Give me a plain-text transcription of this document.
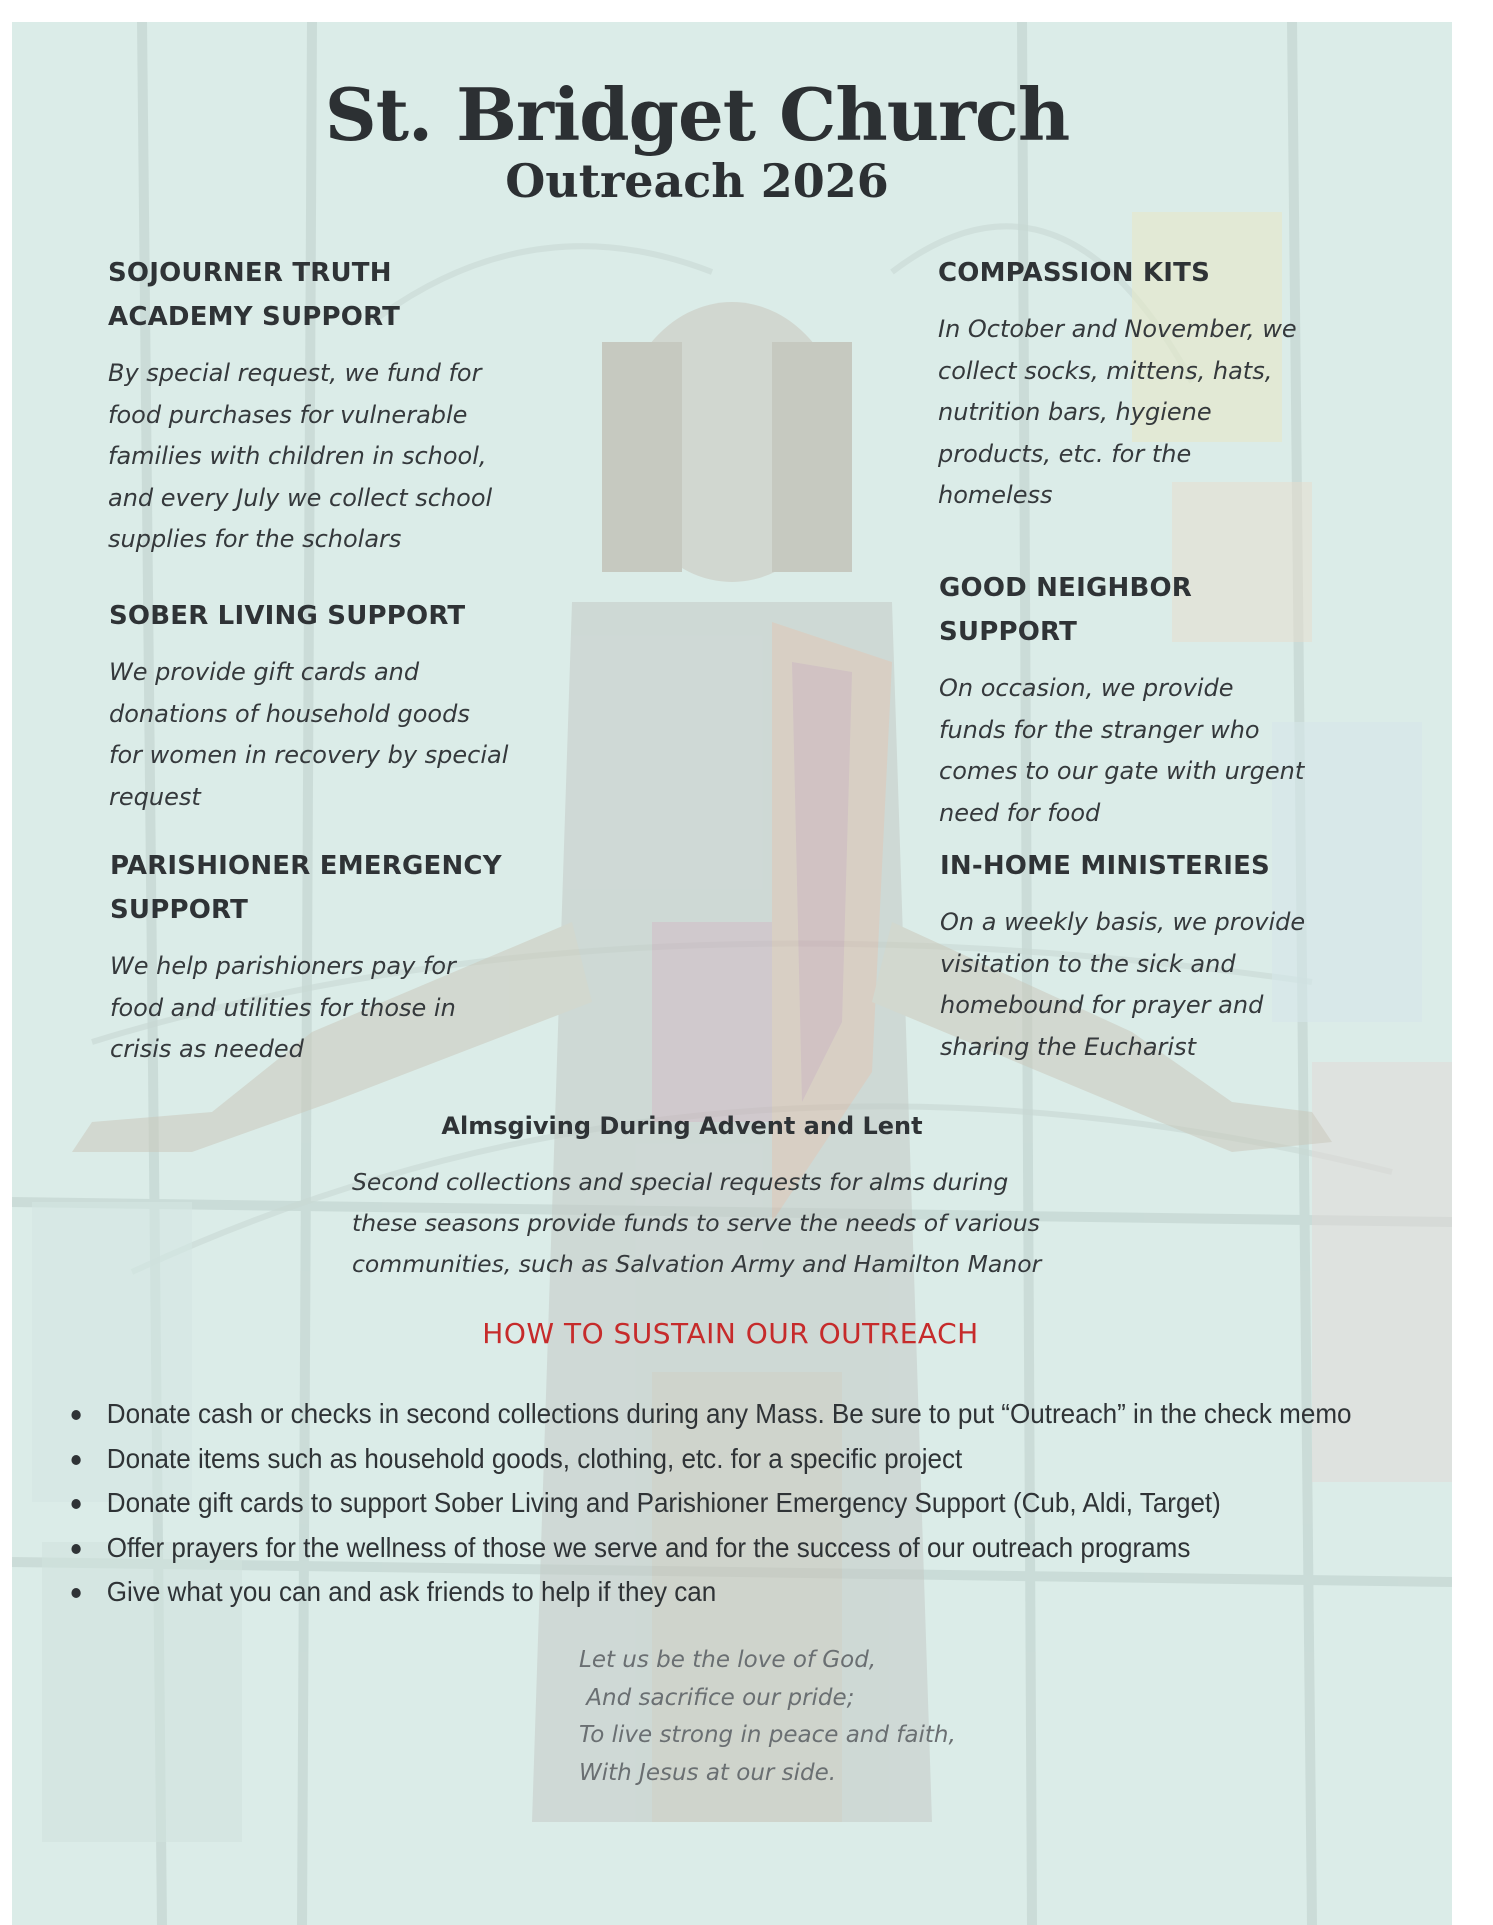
St. Bridget Church
Outreach 2026
SOJOURNER TRUTH
ACADEMY SUPPORT
By special request, we fund for
food purchases for vulnerable
families with children in school,
and every July we collect school
supplies for the scholars
SOBER LIVING SUPPORT
We provide gift cards and
donations of household goods
for women in recovery by special
request
PARISHIONER EMERGENCY
SUPPORT
We help parishioners pay for
food and utilities for those in
crisis as needed
COMPASSION KITS
In October and November, we
collect socks, mittens, hats,
nutrition bars, hygiene
products, etc. for the
homeless
GOOD NEIGHBOR
SUPPORT
On occasion, we provide
funds for the stranger who
comes to our gate with urgent
need for food
IN-HOME MINISTERIES
On a weekly basis, we provide
visitation to the sick and
homebound for prayer and
sharing the Eucharist
Almsgiving During Advent and Lent
Second collections and special requests for alms during
these seasons provide funds to serve the needs of various
communities, such as Salvation Army and Hamilton Manor
HOW TO SUSTAIN OUR OUTREACH
Donate cash or checks in second collections during any Mass. Be sure to put “Outreach” in the check memo
Donate items such as household goods, clothing, etc. for a specific project
Donate gift cards to support Sober Living and Parishioner Emergency Support (Cub, Aldi, Target)
Offer prayers for the wellness of those we serve and for the success of our outreach programs
Give what you can and ask friends to help if they can
Let us be the love of God,
And sacrifice our pride;
To live strong in peace and faith,
With Jesus at our side.
